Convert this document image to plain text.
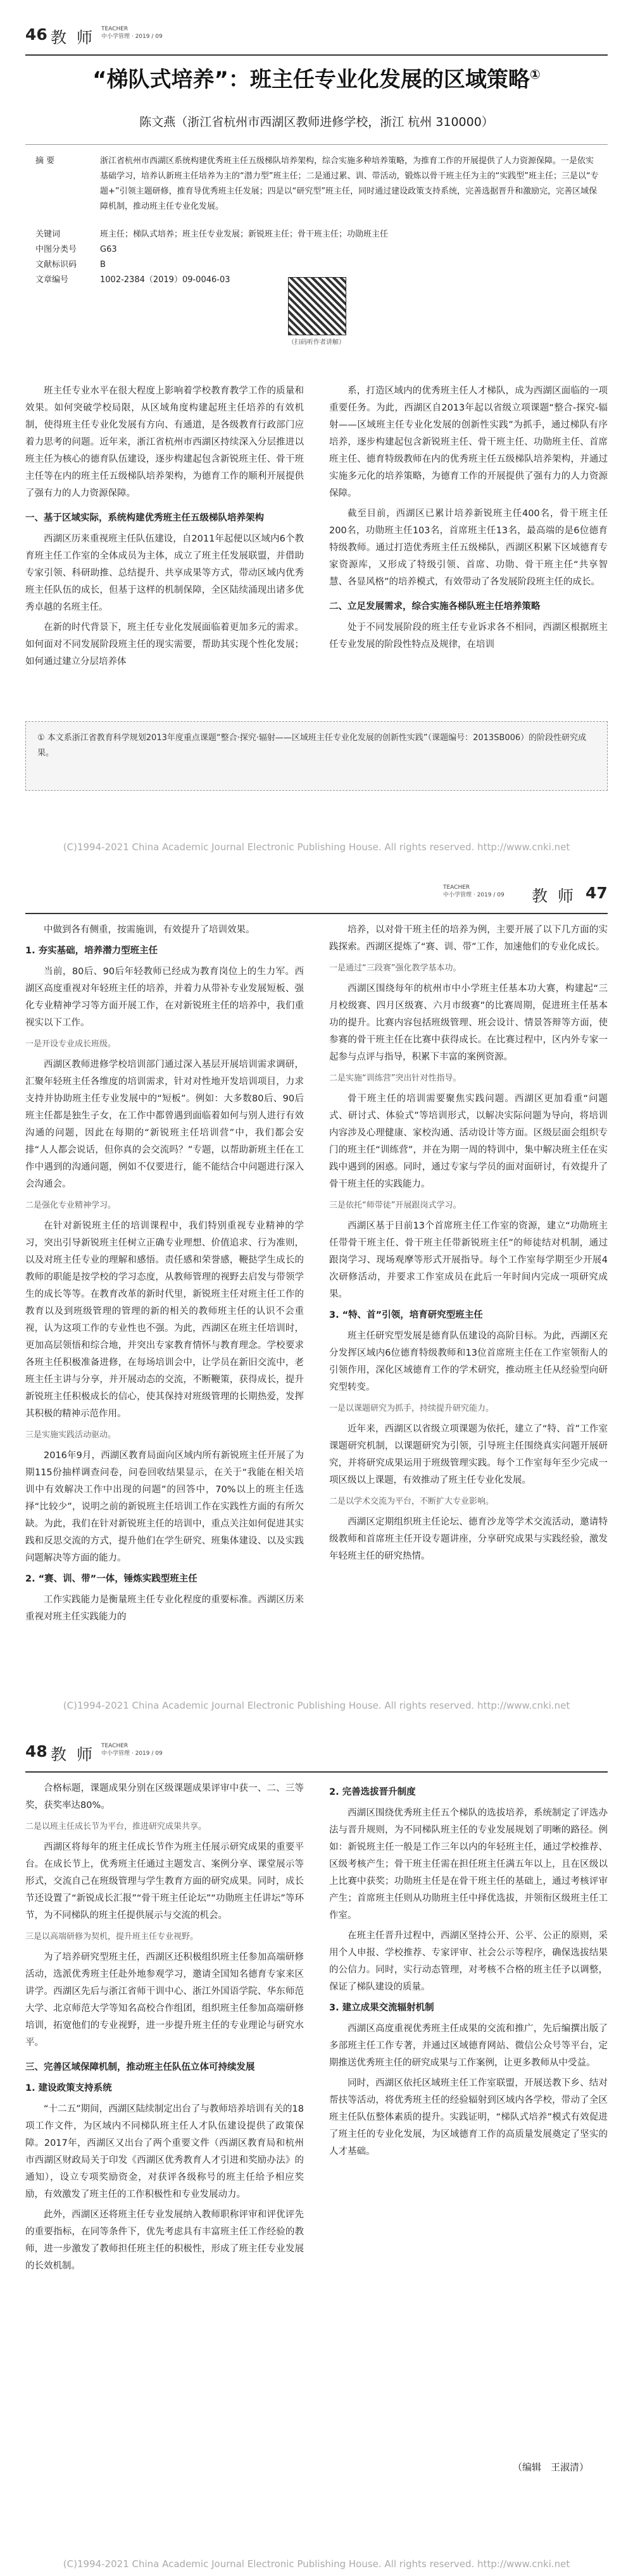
46 教 师 TEACHER
中小学管理 · 2019 / 09
“梯队式培养”：班主任专业化发展的区域策略①
陈文燕（浙江省杭州市西湖区教师进修学校，浙江 杭州 310000）
摘 要	浙江省杭州市西湖区系统构建优秀班主任五级梯队培养架构，综合实施多种培养策略，为推育工作的开展提供了人力资源保障。一是依实基础学习，培养认新班主任培养为主的“潜力型”班主任；二是通过累、训、带活动，锻炼以骨干班主任为主的“实践型”班主任；三是以“专题+”引领主题研修，推育导优秀班主任发展；四是以“研究型”班主任，同时通过建设政策支持系统，完善选据晋升和激励完，完善区域保障机制，推动班主任专业化发展。
关键词	班主任；梯队式培养；班主任专业发展；新锐班主任；骨干班主任；功勋班主任
中图分类号	G63
文献标识码	B
文章编号	1002-2384（2019）09-0046-03
（扫码听作者讲解）

班主任专业水平在很大程度上影响着学校教育教学工作的质量和效果。如何突破学校局限，从区域角度构建起班主任培养的有效机制，使得班主任专业化发展有方向、有通道，是各级教育行政部门应着力思考的问题。近年来，浙江省杭州市西湖区持续深入分层推进以班主任为核心的德育队伍建设，逐步构建起包含新锐班主任、骨干班主任等在内的班主任五级梯队培养架构，为德育工作的顺利开展提供了强有力的人力资源保障。

一、基于区域实际，系统构建优秀班主任五级梯队培养架构

西湖区历来重视班主任队伍建设，自2011年起便以区域内6个教育班主任工作室的全体成员为主体，成立了班主任发展联盟，并借助专家引领、科研助推、总结提升、共享成果等方式，带动区域内优秀班主任队伍的成长，但基于这样的机制保障，全区陆续涌现出诸多优秀卓越的名班主任。

在新的时代背景下，班主任专业化发展面临着更加多元的需求。如何面对不同发展阶段班主任的现实需要，帮助其实现个性化发展；如何通过建立分层培养体

系，打造区域内的优秀班主任人才梯队，成为西湖区面临的一项重要任务。为此，西湖区自2013年起以省级立项课题“整合-探究-辐射——区域班主任专业化发展的创新性实践”为抓手，通过梯队有序培养，逐步构建起包含新锐班主任、骨干班主任、功勋班主任、首席班主任、德育特级教师在内的优秀班主任五级梯队培养架构，并通过实施多元化的培养策略，为德育工作的开展提供了强有力的人力资源保障。

截至目前，西湖区已累计培养新锐班主任400名，骨干班主任200名，功勋班主任103名，首席班主任13名，最高端的是6位德育特级教师。通过打造优秀班主任五级梯队，西湖区积累下区域德育专家资源库，又形成了特级引领、首席、功勋、骨干班主任“共享智慧、各显风格”的培养模式，有效带动了各发展阶段班主任的成长。

二、立足发展需求，综合实施各梯队班主任培养策略

处于不同发展阶段的班主任专业诉求各不相同，西湖区根据班主任专业发展的阶段性特点及规律，在培训

① 本文系浙江省教育科学规划2013年度重点课题“整合·探究·辐射——区域班主任专业化发展的创新性实践”（课题编号：2013SB006）的阶段性研究成果。
(C)1994-2021 China Academic Journal Electronic Publishing House. All rights reserved. http://www.cnki.net
TEACHER
中小学管理 · 2019 / 09 教 师 47

中做到各有侧重，按需施训，有效提升了培训效果。

1. 夯实基础，培养潜力型班主任

当前，80后、90后年轻教师已经成为教育岗位上的生力军。西湖区高度重视对年轻班主任的培养，并着力从带补专业发展短板、强化专业精神学习等方面开展工作，在对新锐班主任的培养中，我们重视实以下工作。

一是开设专业成长班级。

西湖区教师进修学校培训部门通过深入基层开展培训需求调研，汇聚年轻班主任各维度的培训需求，针对对性地开发培训项目，力求支持并协助班主任专业发展中的“短板”。例如：大多数80后、90后班主任都是独生子女，在工作中都曾遇到面临着如何与别人进行有效沟通的问题，因此在每期的“新锐班主任培训营”中，我们都会安排“人人都会说话，但你真的会交流吗？”专题，以帮助新班主任在工作中遇到的沟通问题，例如不仅要进行，能不能结合中问题进行深入会沟通会。

二是强化专业精神学习。

在针对新锐班主任的培训课程中，我们特别重视专业精神的学习，突出引导新锐班主任树立正确专业理想、价值追求、行为准则，以及对班主任专业的理解和感悟。责任感和荣誉感，鞭挞学生成长的教师的职能是按学校的学习态度，从教师管理的视野去启发与带领学生的成长等等。在教育改革的新时代里，新锐班主任对班主任工作的教育以及到班级管理的管理的新的相关的教师班主任的认识不会重视，认为这项工作的专业性也不强。为此，西湖区在班主任培训时，更加高层领悟和综合地，并突出专家教育情怀与教育理念。学校要求各班主任积极准备进修，在每场培训会中，让学员在新旧交流中，老班主任主讲与分享，并开展动态的交流，不断鞭策，获得成长，提升新锐班主任积极成长的信心，使其保持对班级管理的长期热爱，发挥其积极的精神示范作用。

三是实施实践活动驱动。

2016年9月，西湖区教育局面向区域内所有新锐班主任开展了为期115份抽样调查问卷，问卷回收结果显示，在关于“我能在相关培训中有效解决工作中出现的问题”的回答中，70%以上的班主任选择“比较少”，说明之前的新锐班主任培训工作在实践性方面的有所欠缺。为此，我们在针对新锐班主任的培训中，重点关注如何促进其实践和反思交流的方式，提升他们在学生研究、班集体建设、以及实践问题解决等方面的能力。

2. “赛、训、带”一体，锤炼实践型班主任

工作实践能力是衡量班主任专业化程度的重要标准。西湖区历来重视对班主任实践能力的

培养，以对骨干班主任的培养为例，主要开展了以下几方面的实践探索。西湖区提炼了“赛、训、带”工作，加速他们的专业化成长。

一是通过“三段赛”强化教学基本功。

西湖区围绕每年的杭州市中小学班主任基本功大赛，构建起“三月校级赛、四月区级赛、六月市级赛”的比赛周期，促进班主任基本功的提升。比赛内容包括班级管理、班会设计、情景答辩等方面，使参赛的骨干班主任在比赛中获得成长。在比赛过程中，区内外专家一起参与点评与指导，积累下丰富的案例资源。

二是实施“训练营”突出针对性指导。

骨干班主任的培训需要聚焦实践问题。西湖区更加看重“问题式、研讨式、体验式”等培训形式，以解决实际问题为导向，将培训内容涉及心理健康、家校沟通、活动设计等方面。区级层面会组织专门的班主任“训练营”，并在为期一周的特训中，集中解决班主任在实践中遇到的困惑。同时，通过专家与学员的面对面研讨，有效提升了骨干班主任的实践能力。

三是依托“师带徒”开展跟岗式学习。

西湖区基于目前13个首席班主任工作室的资源，建立“功勋班主任带骨干班主任、骨干班主任带新锐班主任”的师徒结对机制，通过跟岗学习、现场观摩等形式开展指导。每个工作室每学期至少开展4次研修活动，并要求工作室成员在此后一年时间内完成一项研究成果。

3. “特、首”引领，培育研究型班主任

班主任研究型发展是德育队伍建设的高阶目标。为此，西湖区充分发挥区域内6位德育特级教师和13位首席班主任在工作室领衔人的引领作用，深化区域德育工作的学术研究，推动班主任从经验型向研究型转变。

一是以课题研究为抓手，持续提升研究能力。

近年来，西湖区以省级立项课题为依托，建立了“特、首”工作室课题研究机制，以课题研究为引领，引导班主任围绕真实问题开展研究，并将研究成果运用于班级管理实践。每个工作室每年至少完成一项区级以上课题，有效推动了班主任专业化发展。

二是以学术交流为平台，不断扩大专业影响。

西湖区定期组织班主任论坛、德育沙龙等学术交流活动，邀请特级教师和首席班主任开设专题讲座，分享研究成果与实践经验，激发年轻班主任的研究热情。

(C)1994-2021 China Academic Journal Electronic Publishing House. All rights reserved. http://www.cnki.net
48 教 师 TEACHER
中小学管理 · 2019 / 09

合格标题，课题成果分别在区级课题成果评审中获一、二、三等奖，获奖率达80%。

二是以班主任成长节为平台，推进研究成果共享。

西湖区将每年的班主任成长节作为班主任展示研究成果的重要平台。在成长节上，优秀班主任通过主题发言、案例分享、课堂展示等形式，交流自己在班级管理与学生教育方面的研究成果。同时，成长节还设置了“新锐成长汇报”“骨干班主任论坛”“功勋班主任讲坛”等环节，为不同梯队的班主任提供展示与交流的机会。

三是以高端研修为契机，提升班主任专业视野。

为了培养研究型班主任，西湖区还积极组织班主任参加高端研修活动，选派优秀班主任赴外地参观学习，邀请全国知名德育专家来区讲学。西湖区先后与浙江省师干训中心、浙江外国语学院、华东师范大学、北京师范大学等知名高校合作组团，组织班主任参加高端研修培训，拓宽他们的专业视野，进一步提升班主任的专业理论与研究水平。

三、完善区域保障机制，推动班主任队伍立体可持续发展

1. 建设政策支持系统

“十二五”期间，西湖区陆续制定出台了与教师培养培训有关的18项工作文件，为区域内不同梯队班主任人才队伍建设提供了政策保障。2017年，西湖区又出台了两个重要文件（西湖区教育局和杭州市西湖区财政局关于印发《西湖区优秀教育人才引进和奖励办法》的通知），设立专项奖励资金，对获评各级称号的班主任给予相应奖励，有效激发了班主任的工作积极性和专业发展动力。

此外，西湖区还将班主任专业发展纳入教师职称评审和评优评先的重要指标，在同等条件下，优先考虑具有丰富班主任工作经验的教师，进一步激发了教师担任班主任的积极性，形成了班主任专业发展的长效机制。

2. 完善选拔晋升制度

西湖区围绕优秀班主任五个梯队的选拔培养，系统制定了评选办法与晋升规则，为不同梯队班主任的专业发展规划了明晰的路径。例如：新锐班主任一般是工作三年以内的年轻班主任，通过学校推荐、区级考核产生；骨干班主任需在担任班主任满五年以上，且在区级以上比赛中获奖；功勋班主任是在骨干班主任的基础上，通过考核评审产生；首席班主任则从功勋班主任中择优选拔，并领衔区级班主任工作室。

在班主任晋升过程中，西湖区坚持公开、公平、公正的原则，采用个人申报、学校推荐、专家评审、社会公示等程序，确保选拔结果的公信力。同时，实行动态管理，对考核不合格的班主任予以调整，保证了梯队建设的质量。

3. 建立成果交流辐射机制

西湖区高度重视优秀班主任成果的交流和推广，先后编撰出版了多部班主任工作专著，并通过区域德育网站、微信公众号等平台，定期推送优秀班主任的研究成果与工作案例，让更多教师从中受益。

同时，西湖区依托区域班主任工作室联盟，开展送教下乡、结对帮扶等活动，将优秀班主任的经验辐射到区域内各学校，带动了全区班主任队伍整体素质的提升。实践证明，“梯队式培养”模式有效促进了班主任的专业化发展，为区域德育工作的高质量发展奠定了坚实的人才基础。

（编辑　王淑清）
(C)1994-2021 China Academic Journal Electronic Publishing House. All rights reserved. http://www.cnki.net
